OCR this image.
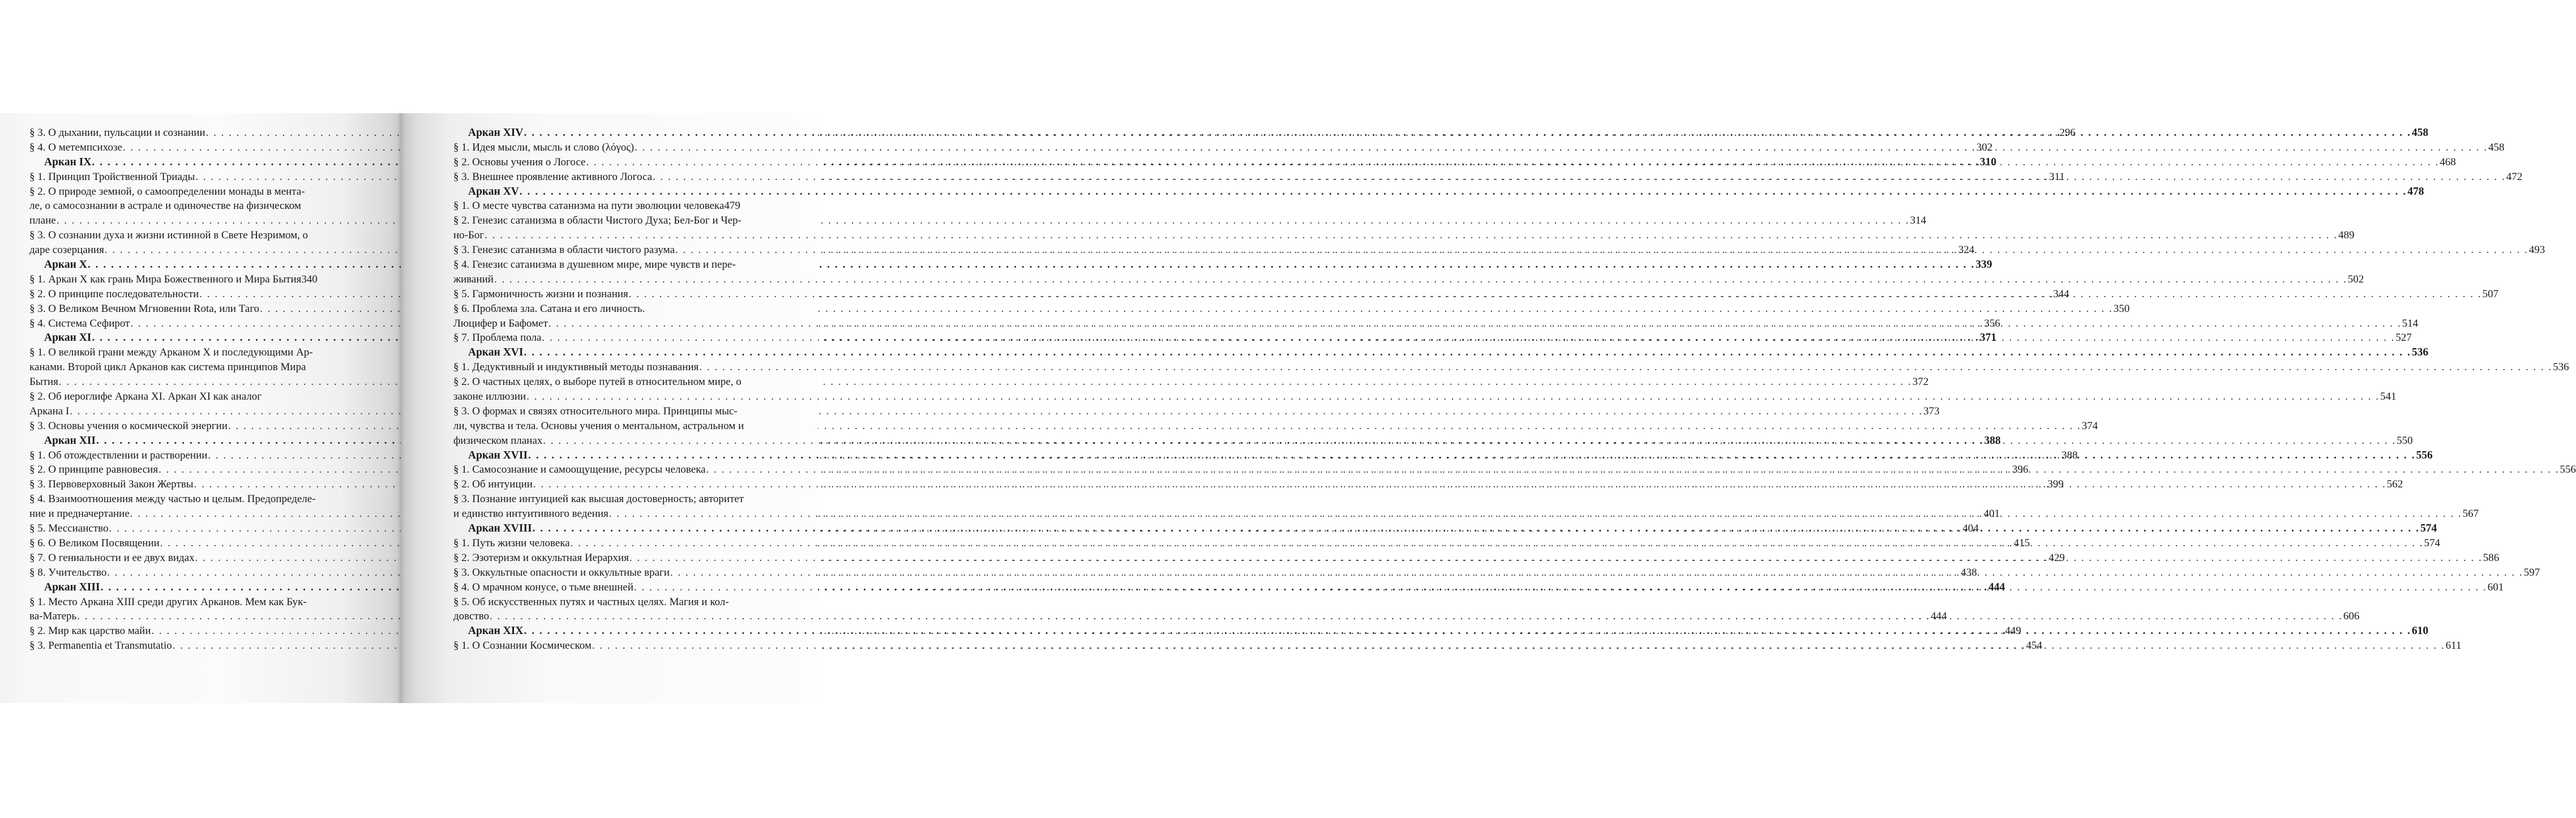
§ 3. О дыхании, пульсации и сознании . . .	296
§ 4. О метемпсихозе . . .	302
Аркан IX . . .	310
§ 1. Принцип Тройственной Триады . . .	311
§ 2. О природе земной, о самоопределении монады в мента-
ле, о самосознании в астрале и одиночестве на физическом
плане . . .	314
§ 3. О сознании духа и жизни истинной в Свете Незримом, о
даре созерцания . . .	324
Аркан X . . .	339
§ 1. Аркан X как грань Мира Божественного и Мира Бытия 340
§ 2. О принципе последовательности . . .	344
§ 3. О Великом Вечном Мгновении Rota, или Таго . . .	350
§ 4. Система Сефирот . . .	356
Аркан XI . . .	371
§ 1. О великой грани между Арканом X и последующими Ар-
канами. Второй цикл Арканов как система принципов Мира
Бытия . . .	372
§ 2. Об иероглифе Аркана XI. Аркан XI как аналог
Аркана I . . .	373
§ 3. Основы учения о космической энергии . . .	374
Аркан XII . . .	388
§ 1. Об отождествлении и растворении . . .	388
§ 2. О принципе равновесия . . .	396
§ 3. Первоверховный Закон Жертвы . . .	399
§ 4. Взаимоотношения между частью и целым. Предопределе-
ние и предначертание . . .	401
§ 5. Мессианство . . .	404
§ 6. О Великом Посвящении . . .	415
§ 7. О гениальности и ее двух видах . . .	429
§ 8. Учительство . . .	438
Аркан XIII . . .	444
§ 1. Место Аркана XIII среди других Арканов. Мем как Бук-
ва-Матерь . . .	444
§ 2. Мир как царство майи . . .	449
§ 3. Permanentia et Transmutatio . . .	454
Аркан XIV . . .	458
§ 1. Идея мысли, мысль и слово (λόγος) . . .	458
§ 2. Основы учения о Логосе . . .	468
§ 3. Внешнее проявление активного Логоса . . .	472
Аркан XV . . .	478
§ 1. О месте чувства сатанизма на пути эволюции человека 479
§ 2. Генезис сатанизма в области Чистого Духа; Бел-Бог и Чер-
но-Бог . . .	489
§ 3. Генезис сатанизма в области чистого разума . . .	493
§ 4. Генезис сатанизма в душевном мире, мире чувств и пере-
живаний . . .	502
§ 5. Гармоничность жизни и познания . . .	507
§ 6. Проблема зла. Сатана и его личность.
Люцифер и Бафомет . . .	514
§ 7. Проблема пола . . .	527
Аркан XVI . . .	536
§ 1. Дедуктивный и индуктивный методы познавания . . .	536
§ 2. О частных целях, о выборе путей в относительном мире, о
законе иллюзии . . .	541
§ 3. О формах и связях относительного мира. Принципы мыс-
ли, чувства и тела. Основы учения о ментальном, астральном и
физическом планах . . .	550
Аркан XVII . . .	556
§ 1. Самосознание и самоощущение, ресурсы человека . . .	556
§ 2. Об интуиции . . .	562
§ 3. Познание интуицией как высшая достоверность; авторитет
и единство интуитивного ведения . . .	567
Аркан XVIII . . .	574
§ 1. Путь жизни человека . . .	574
§ 2. Эзотеризм и оккультная Иерархия . . .	586
§ 3. Оккультные опасности и оккультные враги . . .	597
§ 4. О мрачном конусе, о тьме внешней . . .	601
§ 5. Об искусственных путях и частных целях. Магия и кол-
довство . . .	606
Аркан XIX . . .	610
§ 1. О Сознании Космическом . . .	611
